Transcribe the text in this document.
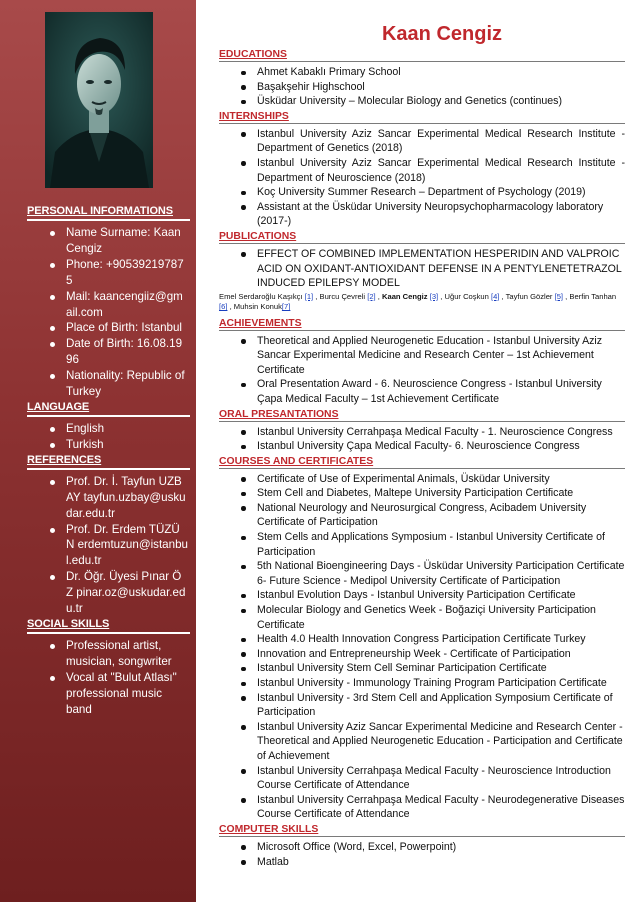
PERSONAL INFORMATIONS
Name Surname: Kaan Cengiz
Phone: +905392197875
Mail: kaancengiiz@gmail.com
Place of Birth: Istanbul
Date of Birth: 16.08.1996
Nationality: Republic of Turkey
LANGUAGE
English
Turkish
REFERENCES
Prof. Dr. İ. Tayfun UZBAY tayfun.uzbay@uskudar.edu.tr
Prof. Dr. Erdem TÜZÜN erdemtuzun@istanbul.edu.tr
Dr. Öğr. Üyesi Pınar ÖZ pinar.oz@uskudar.edu.tr
SOCIAL SKILLS
Professional artist, musician, songwriter
Vocal at "Bulut Atlası" professional music band
Kaan Cengiz
EDUCATIONS
Ahmet Kabaklı Primary School
Başakşehir Highschool
Üsküdar University – Molecular Biology and Genetics (continues)
INTERNSHIPS
Istanbul University Aziz Sancar Experimental Medical Research Institute - Department of Genetics (2018)
Istanbul University Aziz Sancar Experimental Medical Research Institute - Department of Neuroscience (2018)
Koç University Summer Research – Department of Psychology (2019)
Assistant at the Üsküdar University Neuropsychopharmacology laboratory (2017-)
PUBLICATIONS
EFFECT OF COMBINED IMPLEMENTATION HESPERIDIN AND VALPROIC ACID ON OXIDANT-ANTIOXIDANT DEFENSE IN A PENTYLENETETRAZOL INDUCED EPILEPSY MODEL
Emel Serdaroğlu Kaşıkçı [1] , Burcu Çevreli [2] , Kaan Cengiz [3] , Uğur Coşkun [4] , Tayfun Gözler [5] , Berfin Tanhan [6] , Muhsin Konuk[7]
ACHIEVEMENTS
Theoretical and Applied Neurogenetic Education - Istanbul University Aziz Sancar Experimental Medicine and Research Center – 1st Achievement Certificate
Oral Presentation Award - 6. Neuroscience Congress - Istanbul University Çapa Medical Faculty – 1st Achievement Certificate
ORAL PRESANTATIONS
Istanbul University Cerrahpaşa Medical Faculty - 1. Neuroscience Congress
Istanbul University Çapa Medical Faculty- 6. Neuroscience Congress
COURSES AND CERTIFICATES
Certificate of Use of Experimental Animals, Üsküdar University
Stem Cell and Diabetes, Maltepe University Participation Certificate
National Neurology and Neurosurgical Congress, Acibadem University Certificate of Participation
Stem Cells and Applications Symposium - Istanbul University Certificate of Participation
5th National Bioengineering Days - Üsküdar University Participation Certificate 6- Future Science - Medipol University Certificate of Participation
Istanbul Evolution Days - Istanbul University Participation Certificate
Molecular Biology and Genetics Week - Boğaziçi University Participation Certificate
Health 4.0 Health Innovation Congress Participation Certificate Turkey
Innovation and Entrepreneurship Week - Certificate of Participation
Istanbul University Stem Cell Seminar Participation Certificate
Istanbul University - Immunology Training Program Participation Certificate
Istanbul University - 3rd Stem Cell and Application Symposium Certificate of Participation
Istanbul University Aziz Sancar Experimental Medicine and Research Center - Theoretical and Applied Neurogenetic Education - Participation and Certificate of Achievement
Istanbul University Cerrahpaşa Medical Faculty - Neuroscience Introduction Course Certificate of Attendance
Istanbul University Cerrahpaşa Medical Faculty - Neurodegenerative Diseases Course Certificate of Attendance
COMPUTER SKILLS
Microsoft Office (Word, Excel, Powerpoint)
Matlab
